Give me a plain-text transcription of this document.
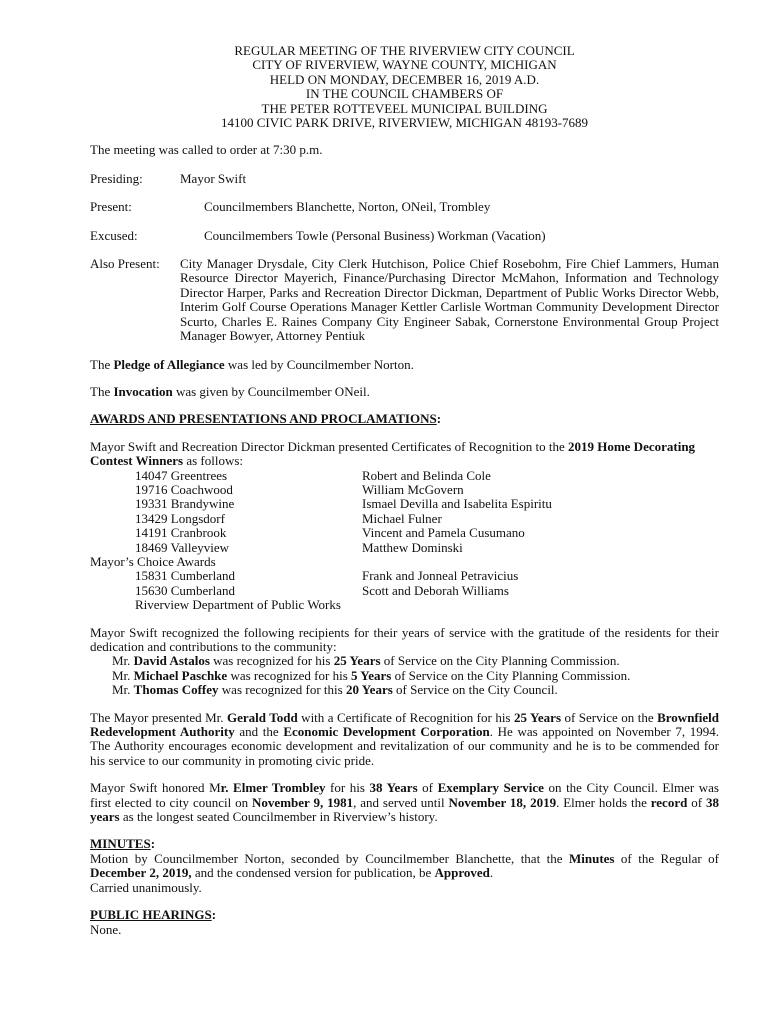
REGULAR MEETING OF THE RIVERVIEW CITY COUNCIL
CITY OF RIVERVIEW, WAYNE COUNTY, MICHIGAN
HELD ON MONDAY, DECEMBER 16, 2019 A.D.
IN THE COUNCIL CHAMBERS OF
THE PETER ROTTEVEEL MUNICIPAL BUILDING
14100 CIVIC PARK DRIVE, RIVERVIEW, MICHIGAN 48193-7689

The meeting was called to order at 7:30 p.m.

Presiding:	Mayor Swift
Present:	Councilmembers Blanchette, Norton, ONeil, Trombley
Excused:	Councilmembers Towle (Personal Business) Workman (Vacation)
Also Present:	City Manager Drysdale, City Clerk Hutchison, Police Chief Rosebohm, Fire Chief Lammers, Human Resource Director Mayerich, Finance/Purchasing Director McMahon, Information and Technology Director Harper, Parks and Recreation Director Dickman, Department of Public Works Director Webb, Interim Golf Course Operations Manager Kettler Carlisle Wortman Community Development Director Scurto, Charles E. Raines Company City Engineer Sabak, Cornerstone Environmental Group Project Manager Bowyer, Attorney Pentiuk

The Pledge of Allegiance was led by Councilmember Norton.

The Invocation was given by Councilmember ONeil.

AWARDS AND PRESENTATIONS AND PROCLAMATIONS:

Mayor Swift and Recreation Director Dickman presented Certificates of Recognition to the 2019 Home Decorating Contest Winners as follows:
14047 Greentrees	Robert and Belinda Cole
19716 Coachwood	William McGovern
19331 Brandywine	Ismael Devilla and Isabelita Espiritu
13429 Longsdorf	Michael Fulner
14191 Cranbrook	Vincent and Pamela Cusumano
18469 Valleyview	Matthew Dominski
Mayor’s Choice Awards
15831 Cumberland	Frank and Jonneal Petravicius
15630 Cumberland	Scott and Deborah Williams
Riverview Department of Public Works
Mayor Swift recognized the following recipients for their years of service with the gratitude of the residents for their dedication and contributions to the community:
Mr. David Astalos was recognized for his 25 Years of Service on the City Planning Commission.
Mr. Michael Paschke was recognized for his 5 Years of Service on the City Planning Commission.
Mr. Thomas Coffey was recognized for this 20 Years of Service on the City Council.

The Mayor presented Mr. Gerald Todd with a Certificate of Recognition for his 25 Years of Service on the Brownfield Redevelopment Authority and the Economic Development Corporation. He was appointed on November 7, 1994. The Authority encourages economic development and revitalization of our community and he is to be commended for his service to our community in promoting civic pride.

Mayor Swift honored Mr. Elmer Trombley for his 38 Years of Exemplary Service on the City Council. Elmer was first elected to city council on November 9, 1981, and served until November 18, 2019. Elmer holds the record of 38 years as the longest seated Councilmember in Riverview’s history.

MINUTES:
Motion by Councilmember Norton, seconded by Councilmember Blanchette, that the Minutes of the Regular of December 2, 2019, and the condensed version for publication, be Approved.
Carried unanimously.
PUBLIC HEARINGS:
None.
